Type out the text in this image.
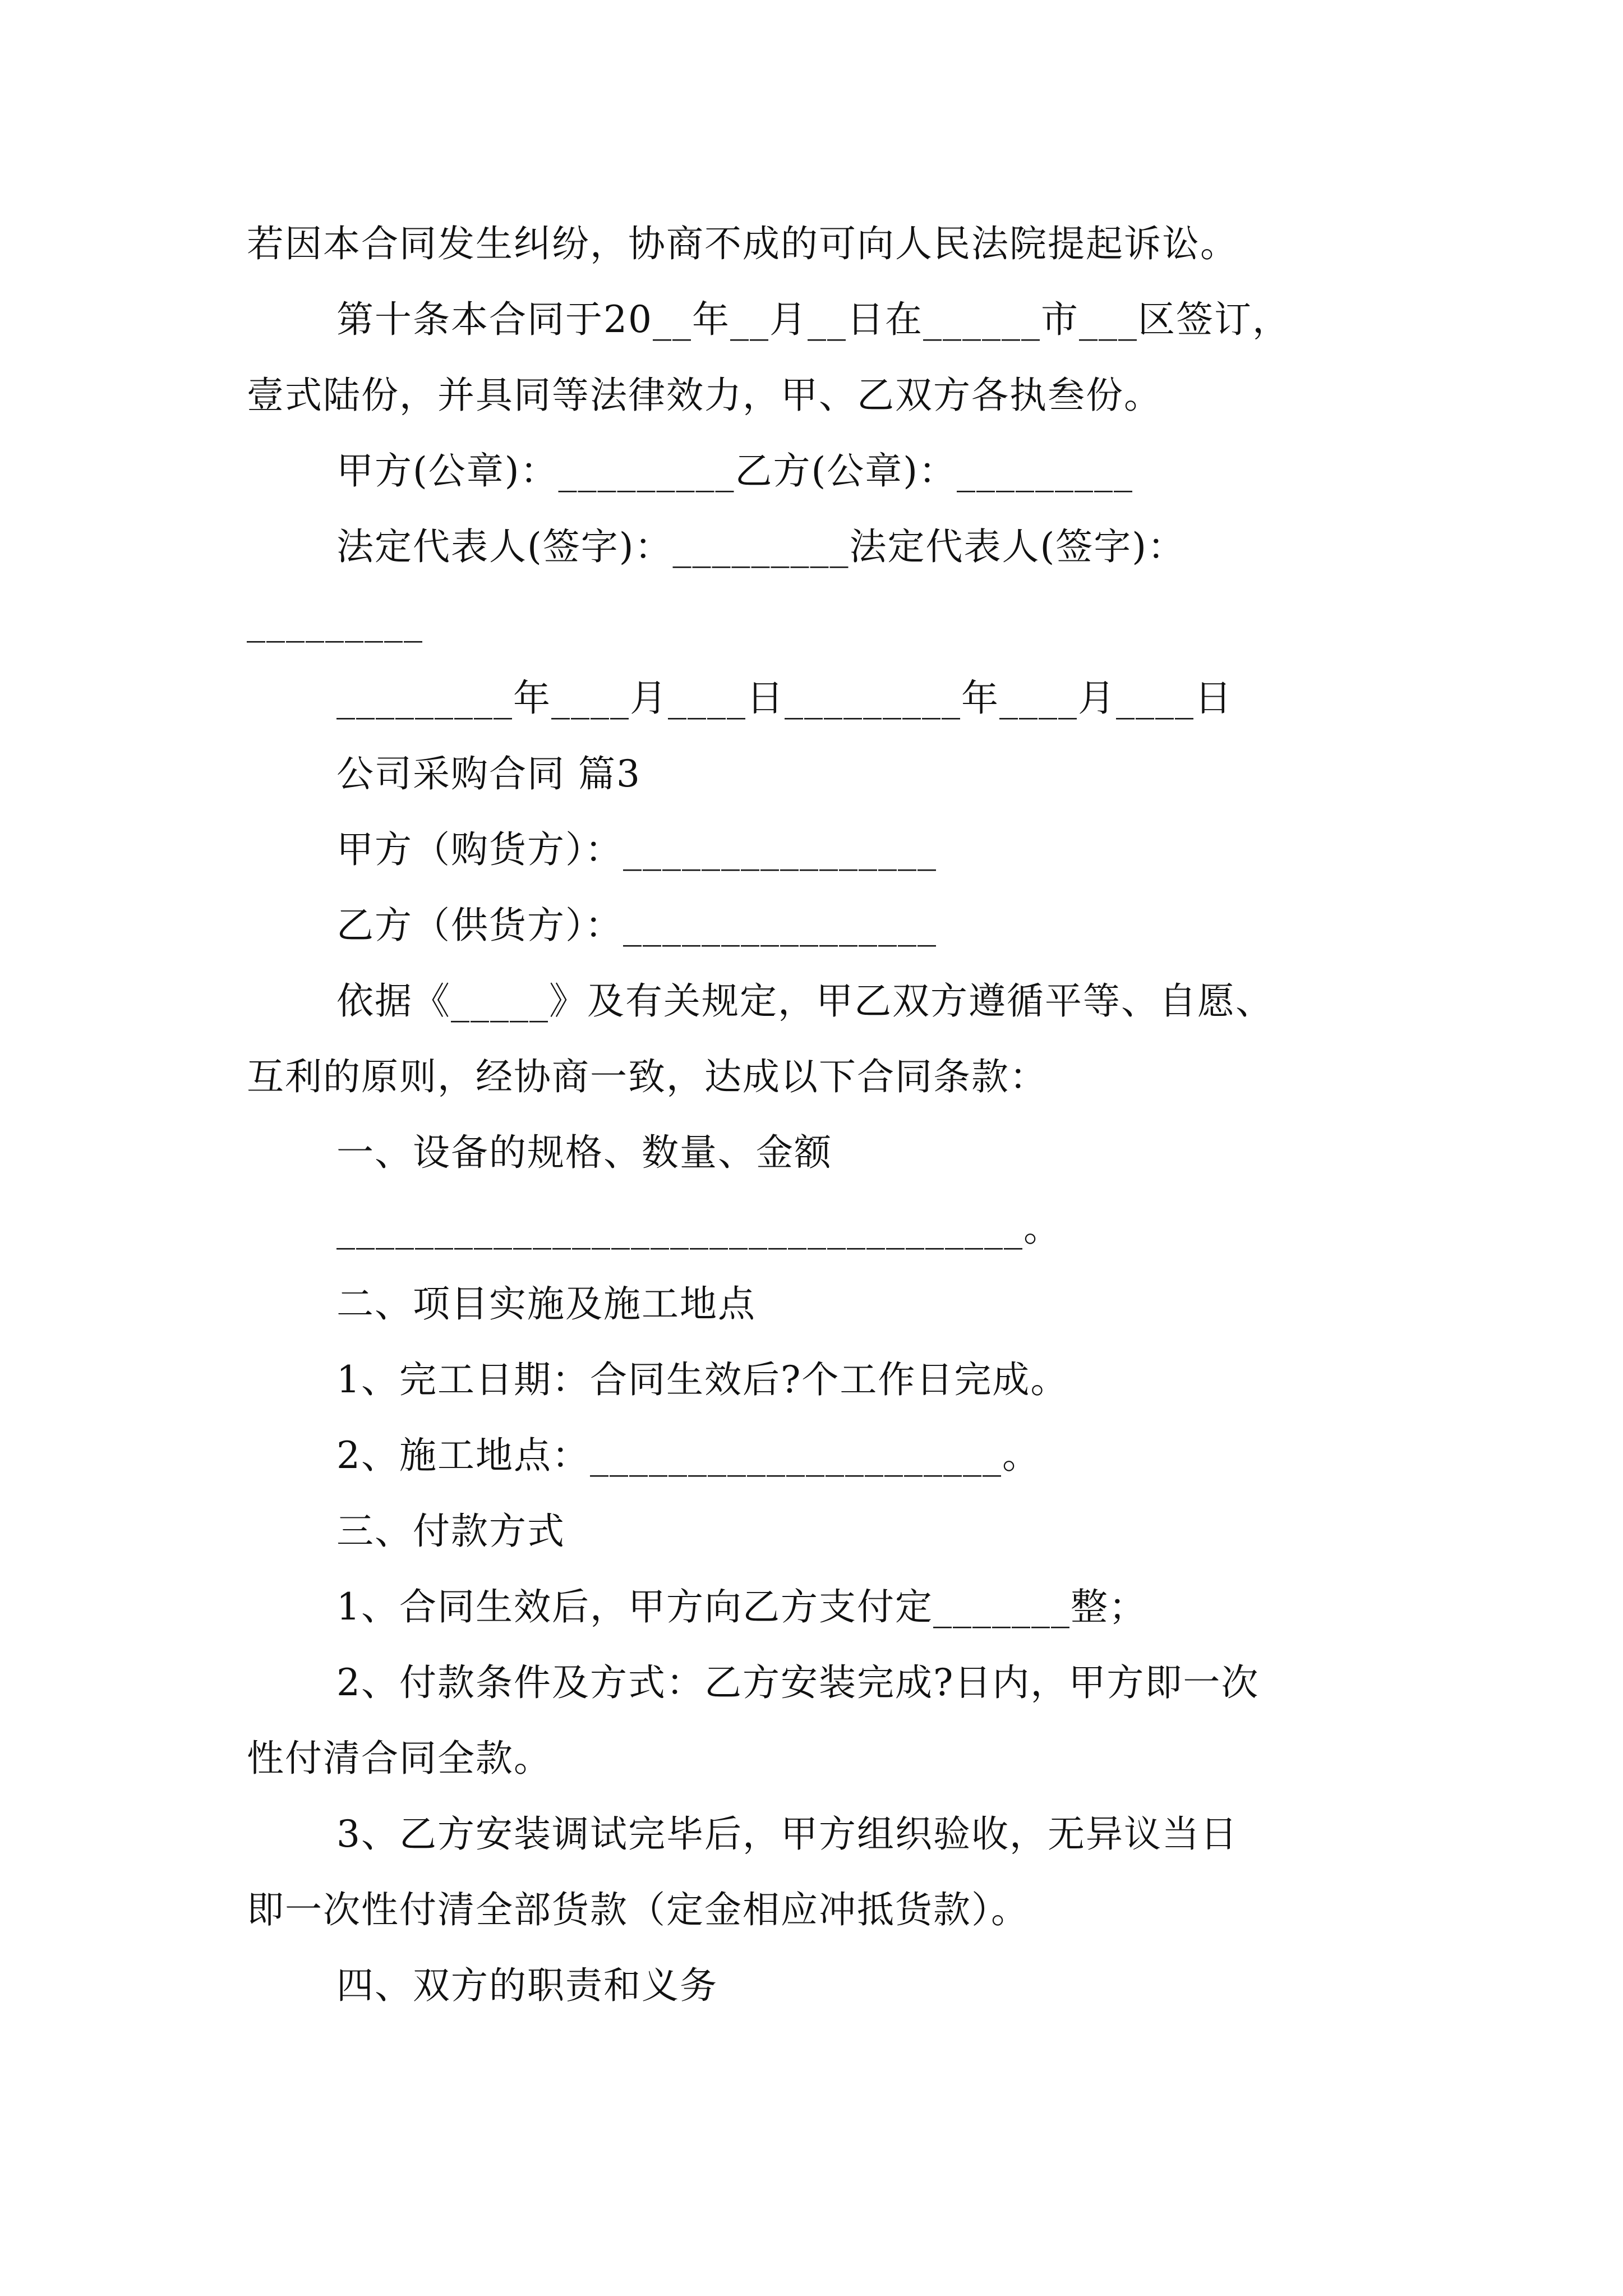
若因本合同发生纠纷，协商不成的可向人民法院提起诉讼。
第十条本合同于20__年__月__日在______市___区签订，
壹式陆份，并具同等法律效力，甲、乙双方各执叁份。
甲方(公章)：_________乙方(公章)：_________
法定代表人(签字)：_________法定代表人(签字)：
_________
_________年____月____日_________年____月____日
公司采购合同 篇3
甲方（购货方）：________________
乙方（供货方）：________________
依据《_____》及有关规定，甲乙双方遵循平等、自愿、
互利的原则，经协商一致，达成以下合同条款：
一、设备的规格、数量、金额
___________________________________。
二、项目实施及施工地点
1、完工日期：合同生效后?个工作日完成。
2、施工地点：_____________________。
三、付款方式
1、合同生效后，甲方向乙方支付定_______整；
2、付款条件及方式：乙方安装完成?日内，甲方即一次
性付清合同全款。
3、乙方安装调试完毕后，甲方组织验收，无异议当日
即一次性付清全部货款（定金相应冲抵货款）。
四、双方的职责和义务
